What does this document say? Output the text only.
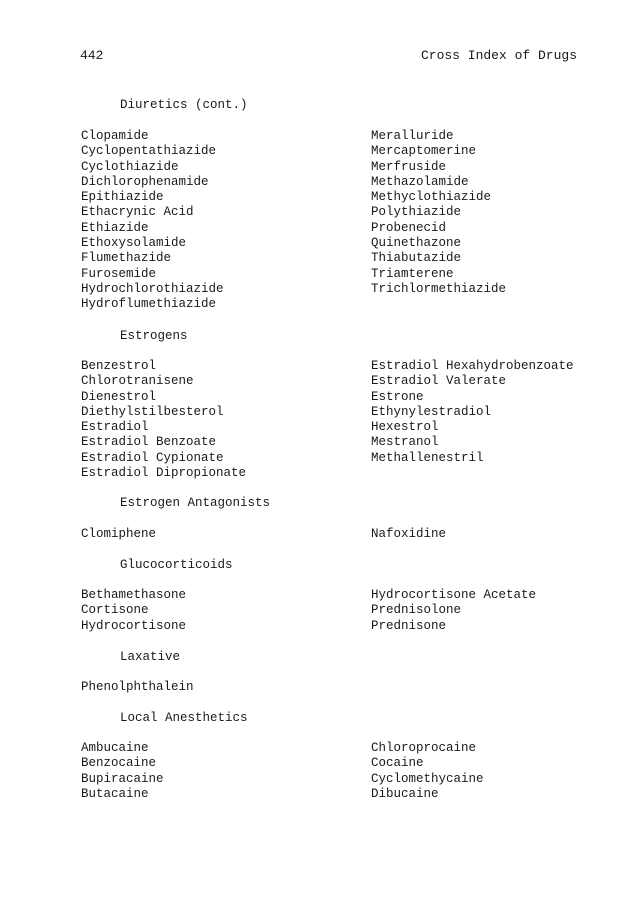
442	Cross Index of Drugs
Diuretics (cont.)
Clopamide
Cyclopentathiazide
Cyclothiazide
Dichlorophenamide
Epithiazide
Ethacrynic Acid
Ethiazide
Ethoxysolamide
Flumethazide
Furosemide
Hydrochlorothiazide
Hydroflumethiazide
Meralluride
Mercaptomerine
Merfruside
Methazolamide
Methyclothiazide
Polythiazide
Probenecid
Quinethazone
Thiabutazide
Triamterene
Trichlormethiazide
Estrogens
Benzestrol
Chlorotranisene
Dienestrol
Diethylstilbesterol
Estradiol
Estradiol Benzoate
Estradiol Cypionate
Estradiol Dipropionate
Estradiol Hexahydrobenzoate
Estradiol Valerate
Estrone
Ethynylestradiol
Hexestrol
Mestranol
Methallenestril
Estrogen Antagonists
Clomiphene	Nafoxidine
Glucocorticoids
Bethamethasone
Cortisone
Hydrocortisone
Hydrocortisone Acetate
Prednisolone
Prednisone
Laxative
Phenolphthalein
Local Anesthetics
Ambucaine
Benzocaine
Bupiracaine
Butacaine
Chloroprocaine
Cocaine
Cyclomethycaine
Dibucaine
